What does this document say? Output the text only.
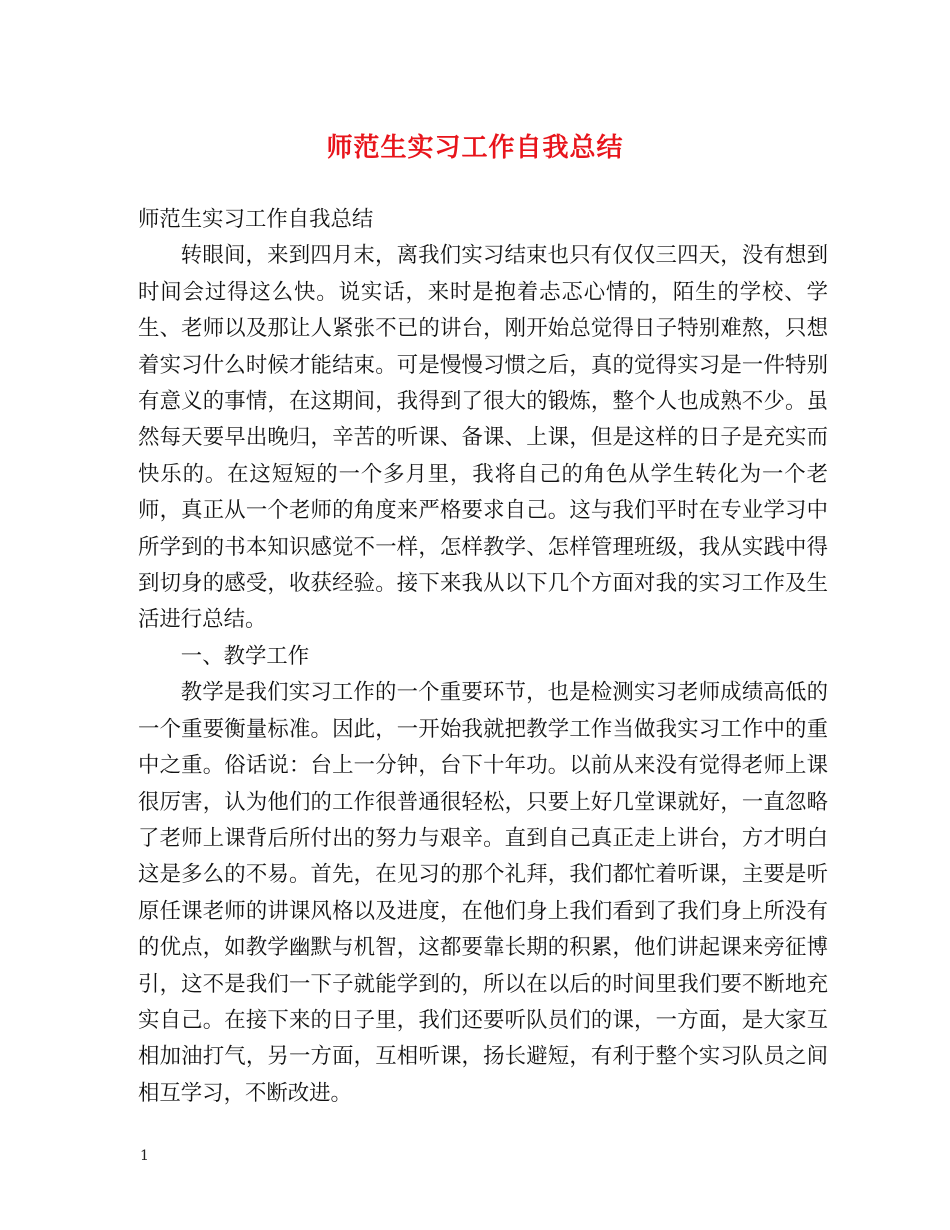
师范生实习工作自我总结

师范生实习工作自我总结

转眼间，来到四月末，离我们实习结束也只有仅仅三四天，没有想到时间会过得这么快。说实话，来时是抱着忐忑心情的，陌生的学校、学生、老师以及那让人紧张不已的讲台，刚开始总觉得日子特别难熬，只想着实习什么时候才能结束。可是慢慢习惯之后，真的觉得实习是一件特别有意义的事情，在这期间，我得到了很大的锻炼，整个人也成熟不少。虽然每天要早出晚归，辛苦的听课、备课、上课，但是这样的日子是充实而快乐的。在这短短的一个多月里，我将自己的角色从学生转化为一个老师，真正从一个老师的角度来严格要求自己。这与我们平时在专业学习中所学到的书本知识感觉不一样，怎样教学、怎样管理班级，我从实践中得到切身的感受，收获经验。接下来我从以下几个方面对我的实习工作及生活进行总结。

一、教学工作

教学是我们实习工作的一个重要环节，也是检测实习老师成绩高低的一个重要衡量标准。因此，一开始我就把教学工作当做我实习工作中的重中之重。俗话说：台上一分钟，台下十年功。以前从来没有觉得老师上课很厉害，认为他们的工作很普通很轻松，只要上好几堂课就好，一直忽略了老师上课背后所付出的努力与艰辛。直到自己真正走上讲台，方才明白这是多么的不易。首先，在见习的那个礼拜，我们都忙着听课，主要是听原任课老师的讲课风格以及进度，在他们身上我们看到了我们身上所没有的优点，如教学幽默与机智，这都要靠长期的积累，他们讲起课来旁征博引，这不是我们一下子就能学到的，所以在以后的时间里我们要不断地充实自己。在接下来的日子里，我们还要听队员们的课，一方面，是大家互相加油打气，另一方面，互相听课，扬长避短，有利于整个实习队员之间相互学习，不断改进。

1
